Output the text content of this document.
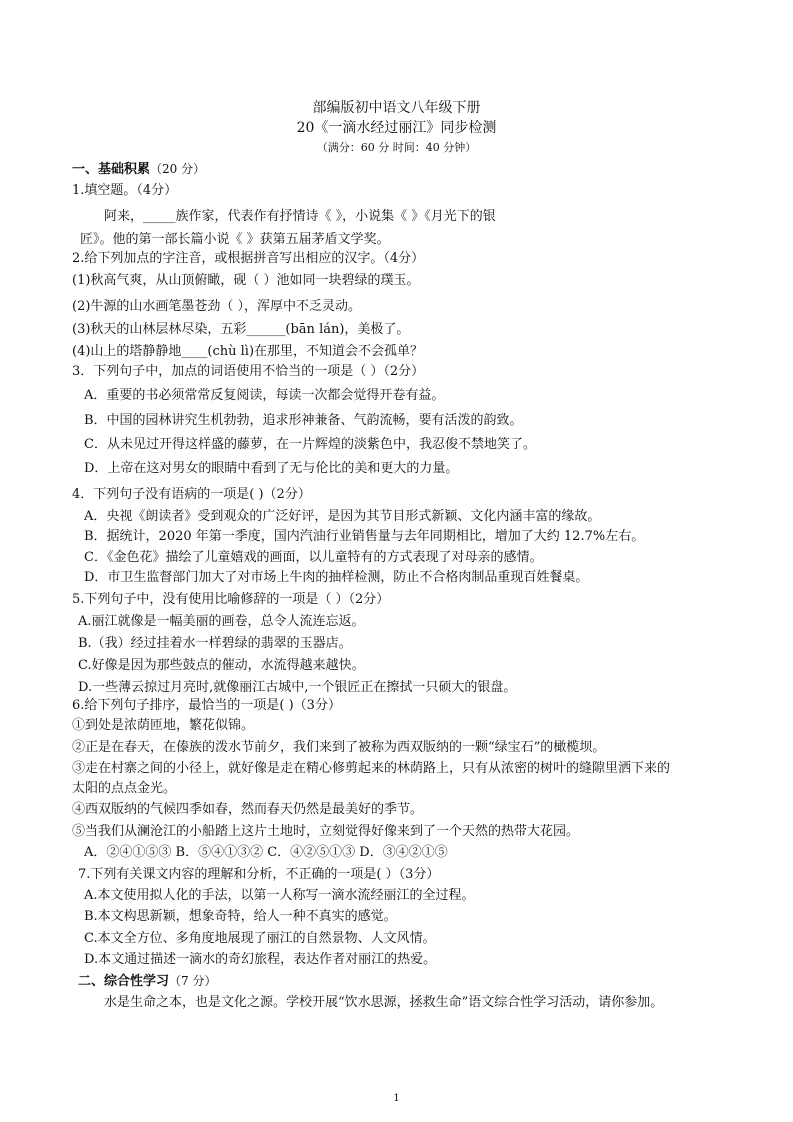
部编版初中语文八年级下册
20《一滴水经过丽江》同步检测
（满分：60 分 时间：40 分钟）
一、基础积累（20 分）
1.填空题。（4分）
阿来，_____族作家，代表作有抒情诗《 》，小说集《 》《月光下的银
匠》。他的第一部长篇小说《 》获第五届茅盾文学奖。
2.给下列加点的字注音，或根据拼音写出相应的汉字。（4分）
(1)秋高气爽，从山顶俯瞰，砚（ ）池如同一块碧绿的璞玉。
(2)牛源的山水画笔墨苍劲（ ），浑厚中不乏灵动。
(3)秋天的山林层林尽染，五彩______(bān lán)，美极了。
(4)山上的塔静静地____(chù lì)在那里，不知道会不会孤单？
3．下列句子中，加点的词语使用不恰当的一项是（ ）（2分）
A．重要的书必须常常反复阅读，每读一次都会觉得开卷有益。
B．中国的园林讲究生机勃勃，追求形神兼备、气韵流畅，要有活泼的韵致。
C．从未见过开得这样盛的藤萝，在一片辉煌的淡紫色中，我忍俊不禁地笑了。
D．上帝在这对男女的眼睛中看到了无与伦比的美和更大的力量。
4．下列句子没有语病的一项是( )（2分）
A．央视《朗读者》受到观众的广泛好评，是因为其节目形式新颖、文化内涵丰富的缘故。
B．据统计，2020 年第一季度，国内汽油行业销售量与去年同期相比，增加了大约 12.7%左右。
C．《金色花》描绘了儿童嬉戏的画面，以儿童特有的方式表现了对母亲的感情。
D．市卫生监督部门加大了对市场上牛肉的抽样检测，防止不合格肉制品重现百姓餐桌。
5.下列句子中，没有使用比喻修辞的一项是（ ）（2分）
A.丽江就像是一幅美丽的画卷，总令人流连忘返。
B.（我）经过挂着水一样碧绿的翡翠的玉器店。
C.好像是因为那些鼓点的催动，水流得越来越快。
D.一些薄云掠过月亮时,就像丽江古城中,一个银匠正在擦拭一只硕大的银盘。
6.给下列句子排序，最恰当的一项是( )（3分）
①到处是浓荫匝地，繁花似锦。
②正是在春天，在傣族的泼水节前夕，我们来到了被称为西双版纳的一颗“绿宝石”的橄榄坝。
③走在村寨之间的小径上，就好像是走在精心修剪起来的林荫路上，只有从浓密的树叶的缝隙里洒下来的
太阳的点点金光。
④西双版纳的气候四季如春，然而春天仍然是最美好的季节。
⑤当我们从澜沧江的小船踏上这片土地时，立刻觉得好像来到了一个天然的热带大花园。
A．②④①⑤③ B．⑤④①③② C．④②⑤①③ D．③④②①⑤
7.下列有关课文内容的理解和分析，不正确的一项是( ）（3分）
A.本文使用拟人化的手法，以第一人称写一滴水流经丽江的全过程。
B.本文构思新颖，想象奇特，给人一种不真实的感觉。
C.本文全方位、多角度地展现了丽江的自然景物、人文风情。
D.本文通过描述一滴水的奇幻旅程，表达作者对丽江的热爱。
二、综合性学习（7 分）
水是生命之本，也是文化之源。学校开展“饮水思源，拯救生命”语文综合性学习活动，请你参加。
1
